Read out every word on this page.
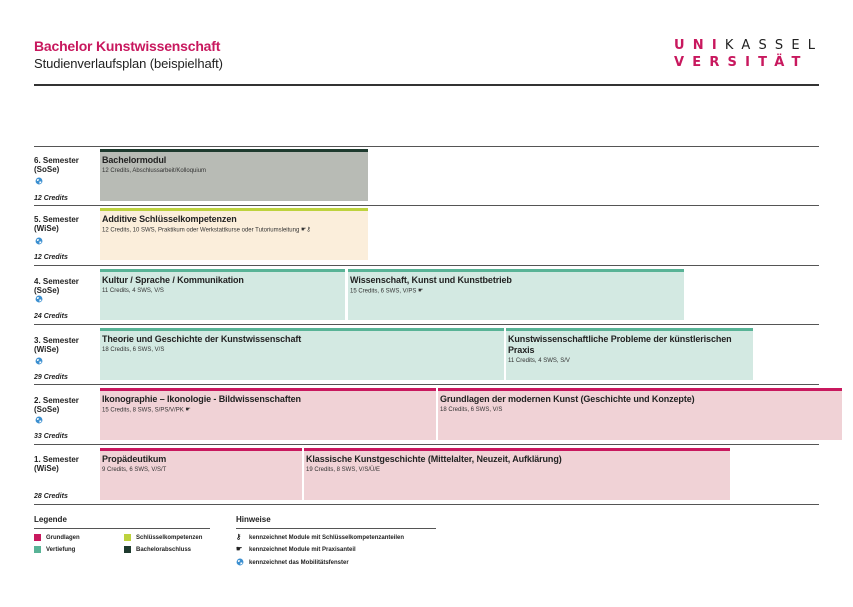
Bachelor Kunstwissenschaft
Studienverlaufsplan (beispielhaft)
UNIKASSEL
VERSITÄT
6. Semester
(SoSe)
12 Credits
Bachelormodul
12 Credits, Abschlussarbeit/Kolloquium
5. Semester
(WiSe)
12 Credits
Additive Schlüsselkompetenzen
12 Credits, 10 SWS, Praktikum oder Werkstattkurse oder Tutoriumsleitung ☛⚷
4. Semester
(SoSe)
24 Credits
Kultur / Sprache / Kommunikation
11 Credits, 4 SWS, V/S
Wissenschaft, Kunst und Kunstbetrieb
15 Credits, 6 SWS, V/PS ☛
3. Semester
(WiSe)
29 Credits
Theorie und Geschichte der Kunstwissenschaft
18 Credits, 6 SWS, V/S
Kunstwissenschaftliche Probleme der künstlerischen Praxis
11 Credits, 4 SWS, S/V
2. Semester
(SoSe)
33 Credits
Ikonographie – Ikonologie - Bildwissenschaften
15 Credits, 8 SWS, S/PS/V/PK ☛
Grundlagen der modernen Kunst (Geschichte und Konzepte)
18 Credits, 6 SWS, V/S
1. Semester
(WiSe)
28 Credits
Propädeutikum
9 Credits, 6 SWS, V/S/T
Klassische Kunstgeschichte (Mittelalter, Neuzeit, Aufklärung)
19 Credits, 8 SWS, V/S/Ü/E
Legende
Grundlagen	Schlüsselkompetenzen
Vertiefung	Bachelorabschluss
Hinweise
⚷ kennzeichnet Module mit Schlüsselkompetenzanteilen
☛ kennzeichnet Module mit Praxisanteil
kennzeichnet das Mobilitätsfenster
